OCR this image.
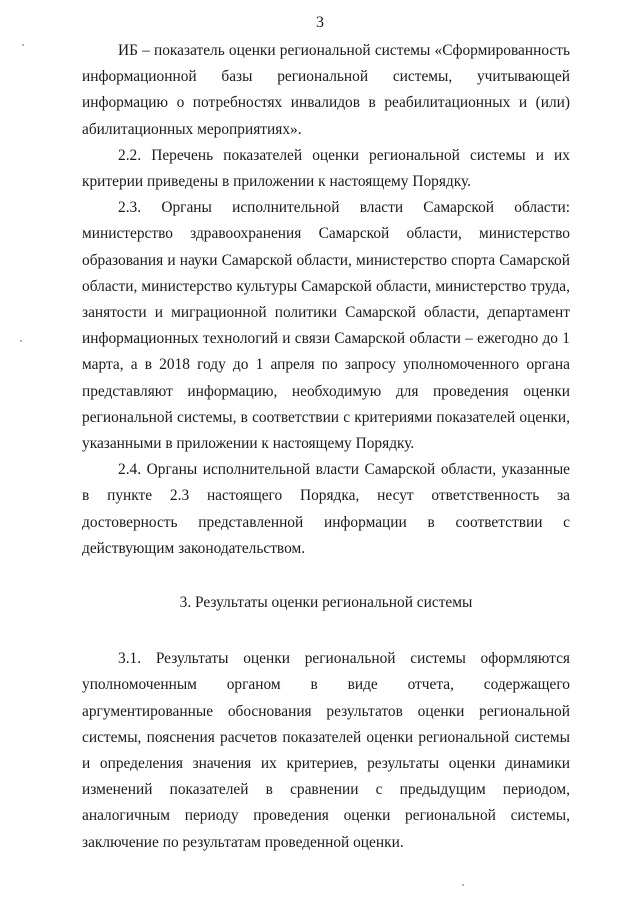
3

ИБ – показатель оценки региональной системы «Сформированность информационной базы региональной системы, учитывающей информацию о потребностях инвалидов в реабилитационных и (или) абилитационных мероприятиях».

2.2. Перечень показателей оценки региональной системы и их критерии приведены в приложении к настоящему Порядку.

2.3. Органы исполнительной власти Самарской области: министерство здравоохранения Самарской области, министерство образования и науки Самарской области, министерство спорта Самарской области, министерство культуры Самарской области, министерство труда, занятости и миграционной политики Самарской области, департамент информационных технологий и связи Самарской области – ежегодно до 1 марта, а в 2018 году до 1 апреля по запросу уполномоченного органа представляют информацию, необходимую для проведения оценки региональной системы, в соответствии с критериями показателей оценки, указанными в приложении к настоящему Порядку.

2.4. Органы исполнительной власти Самарской области, указанные в пункте 2.3 настоящего Порядка, несут ответственность за достоверность представленной информации в соответствии с действующим законодательством.

3. Результаты оценки региональной системы

3.1. Результаты оценки региональной системы оформляются уполномоченным органом в виде отчета, содержащего аргументированные обоснования результатов оценки региональной системы, пояснения расчетов показателей оценки региональной системы и определения значения их критериев, результаты оценки динамики изменений показателей в сравнении с предыдущим периодом, аналогичным периоду проведения оценки региональной системы, заключение по результатам проведенной оценки.
